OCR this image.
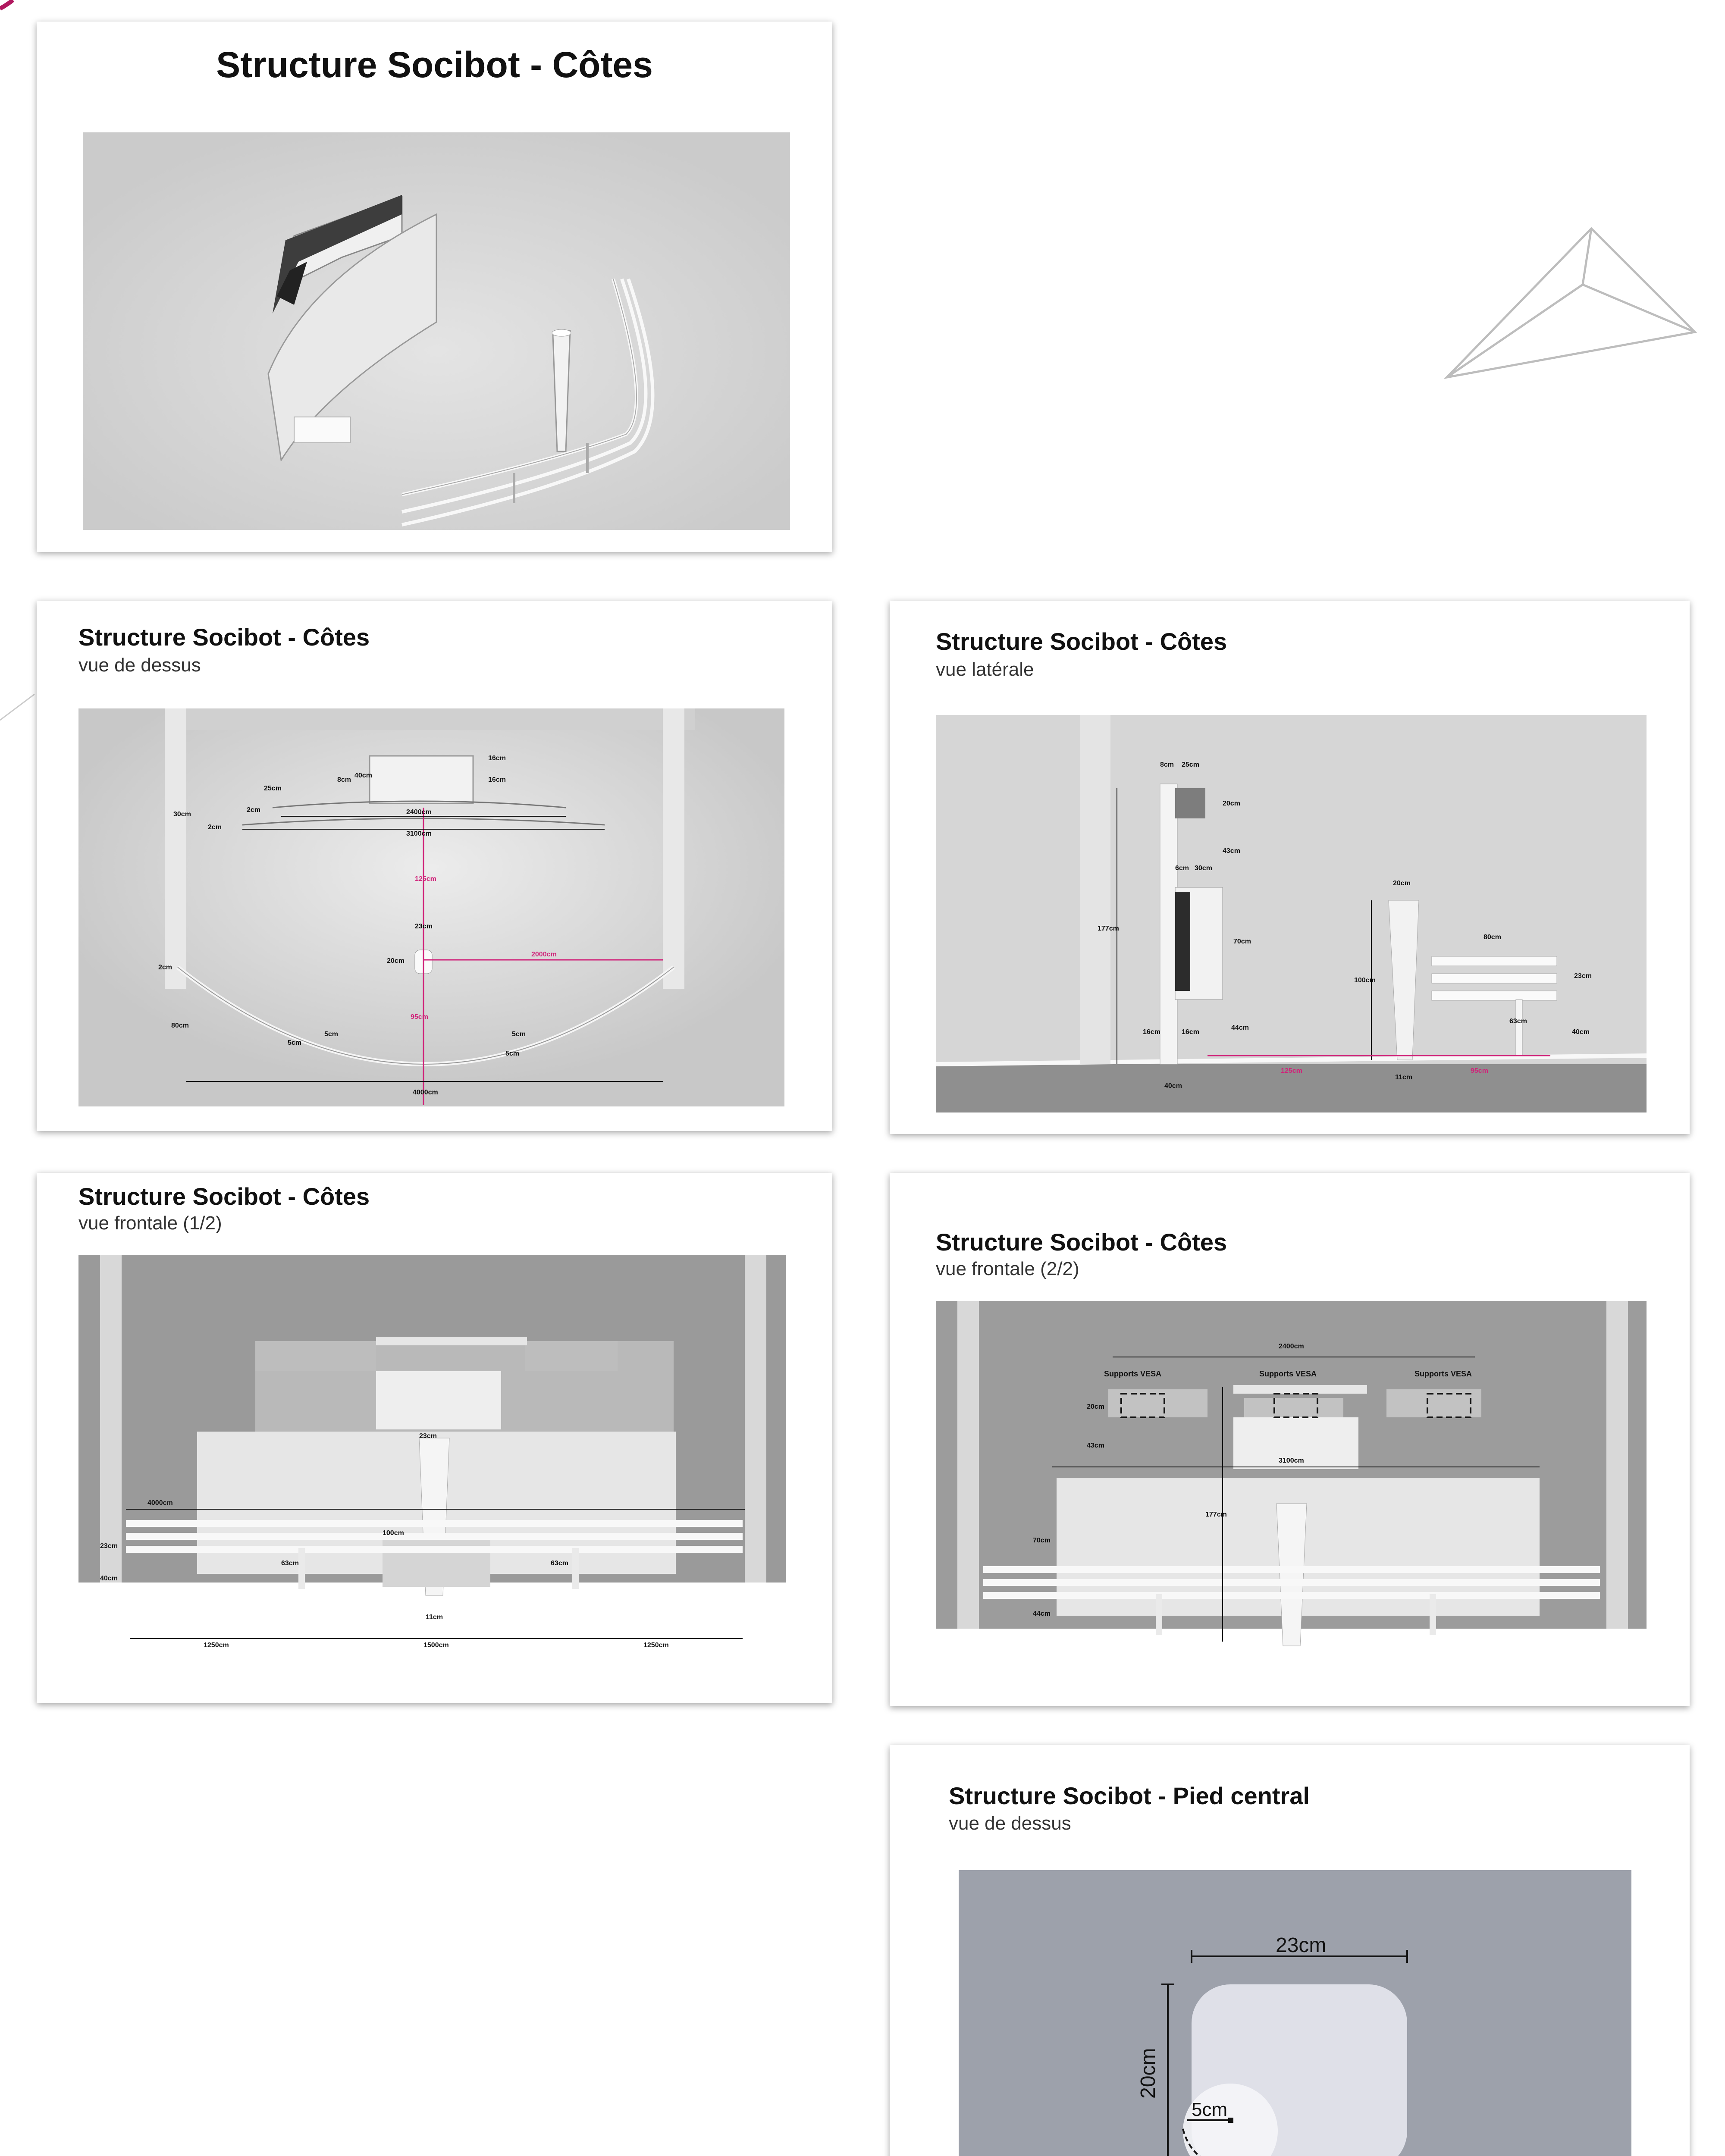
Structure Socibot - Côtes
Structure Socibot - Côtes
vue de dessus
16cm
16cm
40cm
8cm
25cm
2cm
2cm
2400cm
3100cm
30cm
125cm
23cm
20cm
2000cm
2cm
95cm
80cm
5cm
5cm
5cm
5cm
4000cm
Structure Socibot - Côtes
vue latérale
8cm 25cm
20cm
43cm
6cm 30cm
177cm
70cm
20cm
100cm
80cm
16cm	16cm
44cm
23cm
63cm
40cm
40cm
125cm
11cm
95cm
Structure Socibot - Côtes
vue frontale (1/2)
23cm
4000cm
23cm
40cm
63cm
100cm
63cm
11cm
1250cm	1500cm	1250cm
Structure Socibot - Côtes
vue frontale (2/2)
2400cm
Supports VESA	Supports VESA	Supports VESA
20cm
43cm
3100cm
177cm
70cm
44cm
Structure Socibot - Pied central
vue de dessus
23cm
20cm
5cm
